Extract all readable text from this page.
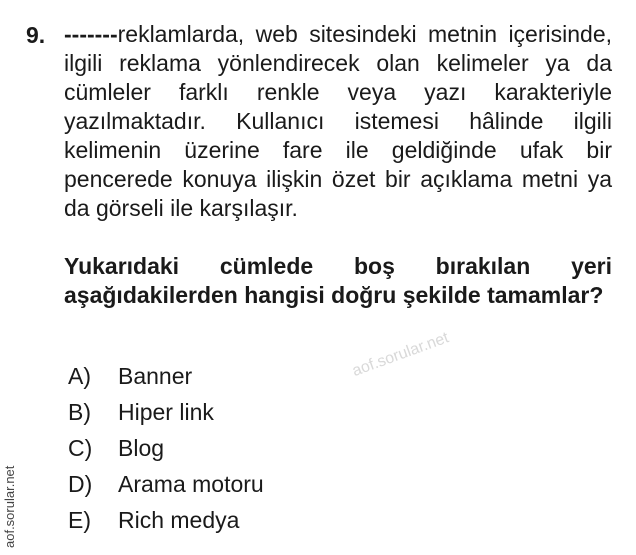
9. -------reklamlarda, web sitesindeki metnin içerisinde, ilgili reklama yönlendirecek olan kelimeler ya da cümleler farklı renkle veya yazı karakteriyle yazılmaktadır. Kullanıcı istemesi hâlinde ilgili kelimenin üzerine fare ile geldiğinde ufak bir pencerede konuya ilişkin özet bir açıklama metni ya da görseli ile karşılaşır.
Yukarıdaki cümlede boş bırakılan yeri aşağıdakilerden hangisi doğru şekilde tamamlar?
A) Banner
B) Hiper link
C) Blog
D) Arama motoru
E) Rich medya
aof.sorular.net
aof.sorular.net
